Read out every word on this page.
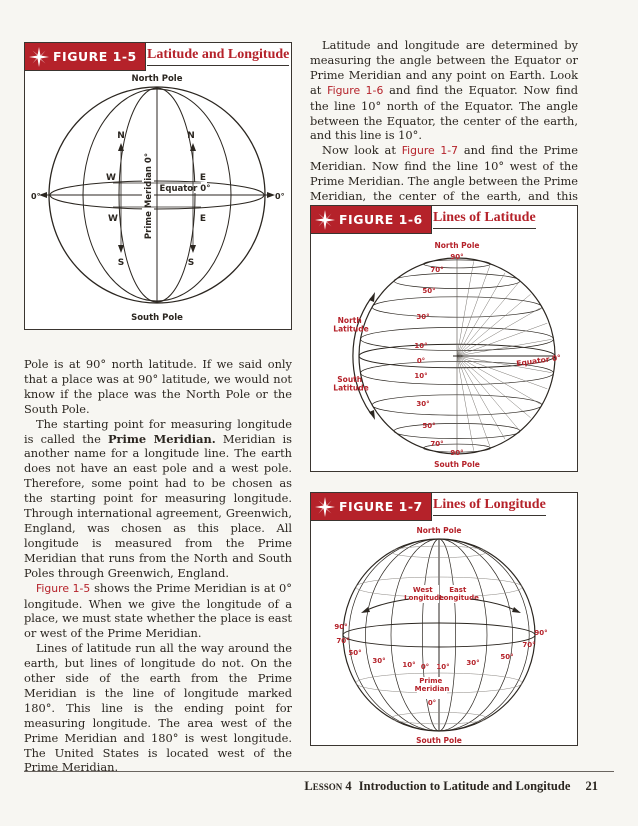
FIGURE 1-5 Latitude and Longitude
North Pole
South Pole
0°	0°
Equator 0°
Prime Meridian 0°
N	N
S	S
W
W
E
E

Latitude and longitude are determined by measuring the angle between the Equator or Prime Meridian and any point on Earth. Look at Figure 1-6 and find the Equator. Now find the line 10° north of the Equator. The angle between the Equator, the center of the earth, and this line is 10°.

Now look at Figure 1-7 and find the Prime Meridian. Now find the line 10° west of the Prime Meridian. The angle between the Prime Meridian, the center of the earth, and this

FIGURE 1-6 Lines of Latitude
North Pole
South Pole
North Latitude
South Latitude
Equator 0°
90°
70°
50°
30°
10°
0°
10°
30°
50°
70°
90°

Pole is at 90° north latitude. If we said only that a place was at 90° latitude, we would not know if the place was the North Pole or the South Pole.

The starting point for measuring longitude is called the Prime Meridian. Meridian is another name for a longitude line. The earth does not have an east pole and a west pole. Therefore, some point had to be chosen as the starting point for measuring longitude. Through international agreement, Greenwich, England, was chosen as this place. All longitude is measured from the Prime Meridian that runs from the North and South Poles through Greenwich, England.

Figure 1-5 shows the Prime Meridian is at 0° longitude. When we give the longitude of a place, we must state whether the place is east or west of the Prime Meridian.

Lines of latitude run all the way around the earth, but lines of longitude do not. On the other side of the earth from the Prime Meridian is the line of longitude marked 180°. This line is the ending point for measuring longitude. The area west of the Prime Meridian and 180° is west longitude. The United States is located west of the Prime Meridian.

FIGURE 1-7 Lines of Longitude
North Pole
South Pole
West Longitude
East Longitude
Prime Meridian
0°
90°
70°
50°
30° 10° 0° 10° 30°
50°
70°
90°
Lesson 4 Introduction to Latitude and Longitude 21
